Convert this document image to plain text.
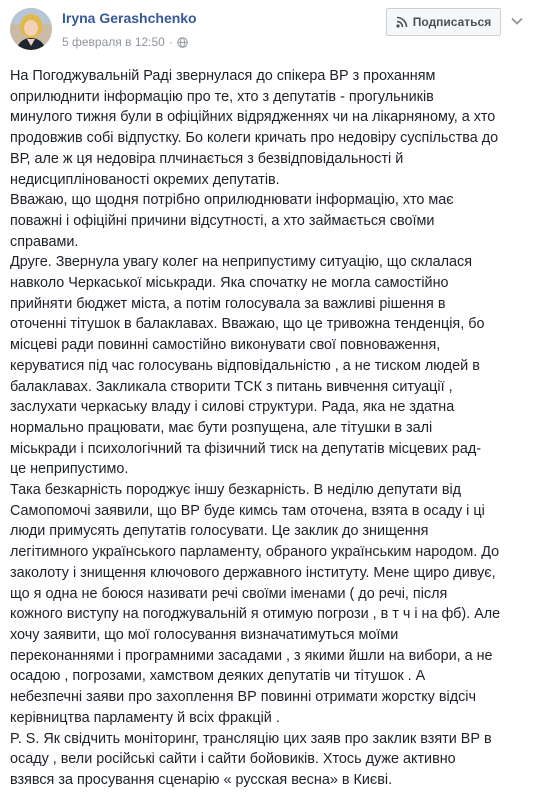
Iryna Gerashchenko
5 февраля в 12:50 ·
Подписаться
На Погоджувальній Раді звернулася до спікера ВР з проханням
оприлюднити інформацію про те, хто з депутатів - прогульників
минулого тижня були в офіційних відрядженнях чи на лікарняному, а хто
продовжив собі відпустку. Бо колеги кричать про недовіру суспільства до
ВР, але ж ця недовіра плчинається з безвідповідальності й
недисциплінованості окремих депутатів.
Вважаю, що щодня потрібно оприлюднювати інформацію, хто має
поважні і офіційні причини відсутності, а хто займається своїми
справами.
Друге. Звернула увагу колег на неприпустиму ситуацію, що склалася
навколо Черкаської міськради. Яка спочатку не могла самостійно
прийняти бюджет міста, а потім голосувала за важливі рішення в
оточенні тітушок в балаклавах. Вважаю, що це тривожна тенденція, бо
місцеві ради повинні самостійно виконувати свої повноваження,
керуватися під час голосувань відповідальністю , а не тиском людей в
балаклавах. Закликала створити ТСК з питань вивчення ситуації ,
заслухати черкаську владу і силові структури. Рада, яка не здатна
нормально працювати, має бути розпущена, але тітушки в залі
міськради і психологічний та фізичний тиск на депутатів місцевих рад-
це неприпустимо.
Така безкарність породжує іншу безкарність. В неділю депутати від
Самопомочі заявили, що ВР буде кимсь там оточена, взята в осаду і ці
люди примусять депутатів голосувати. Це заклик до знищення
легітимного українського парламенту, обраного українським народом. До
заколоту і знищення ключового державного інституту. Мене щиро дивує,
що я одна не боюся називати речі своїми іменами ( до речі, після
кожного виступу на погоджувальній я отимую погрози , в т ч і на фб). Але
хочу заявити, що мої голосування визначатимуться моїми
переконаннями і програмними засадами , з якими йшли на вибори, а не
осадою , погрозами, хамством деяких депутатів чи тітушок . А
небезпечні заяви про захоплення ВР повинні отримати жорстку відсіч
керівництва парламенту й всіх фракцій .
P. S. Як свідчить моніторинг, трансляцію цих заяв про заклик взяти ВР в
осаду , вели російські сайти і сайти бойовиків. Хтось дуже активно
взявся за просування сценарію « русская весна» в Києві.
